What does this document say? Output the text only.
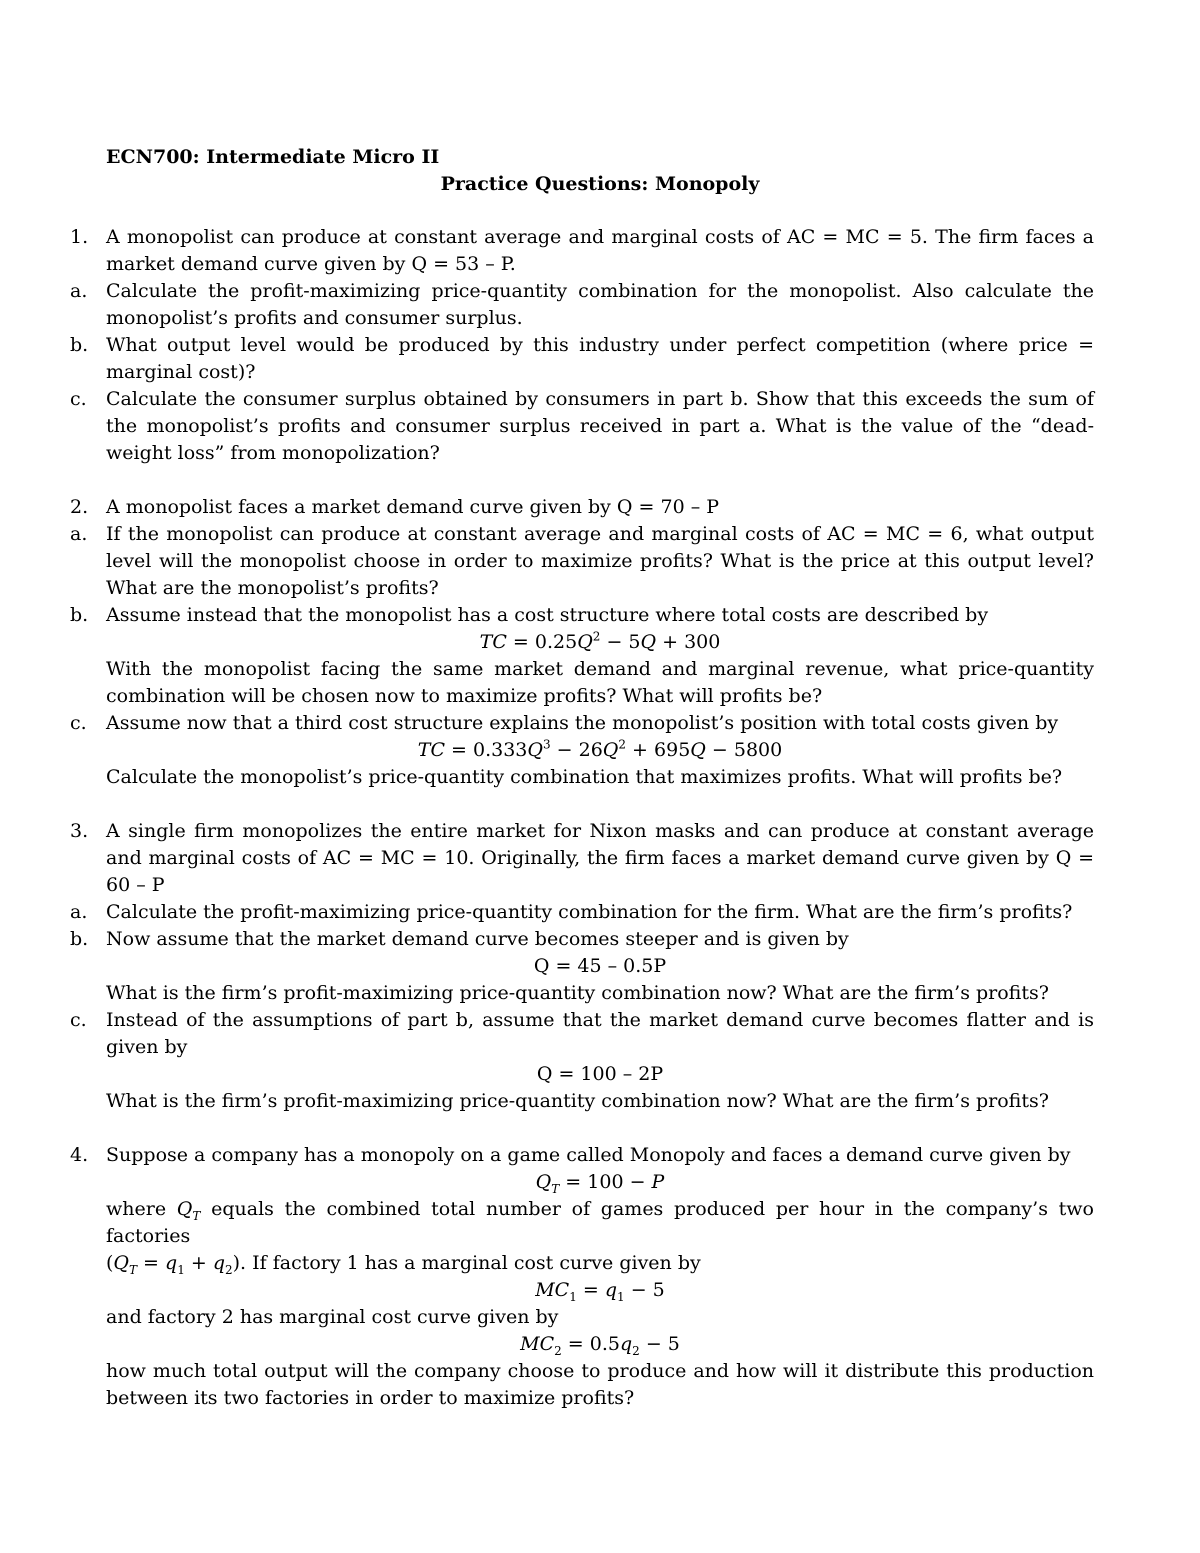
ECN700: Intermediate Micro II

Practice Questions: Monopoly

1. A monopolist can produce at constant average and marginal costs of AC = MC = 5. The firm faces a market demand curve given by Q = 53 – P.
a. Calculate the profit-maximizing price-quantity combination for the monopolist. Also calculate the monopolist’s profits and consumer surplus.
b. What output level would be produced by this industry under perfect competition (where price = marginal cost)?
c.	Calculate the consumer surplus obtained by consumers in part b. Show that this exceeds the sum of the monopolist’s profits and consumer surplus received in part a. What is the value of the “dead-weight loss” from monopolization?
2. A monopolist faces a market demand curve given by Q = 70 – P
a. If the monopolist can produce at constant average and marginal costs of AC = MC = 6, what output level will the monopolist choose in order to maximize profits? What is the price at this output level? What are the monopolist’s profits?
b. Assume instead that the monopolist has a cost structure where total costs are described by
TC = $0.25Q^2 - 5Q + 300$
With the monopolist facing the same market demand and marginal revenue, what price-quantity combination will be chosen now to maximize profits? What will profits be?
c.	Assume now that a third cost structure explains the monopolist’s position with total costs given by
TC = $0.333Q^3 - 26Q^2 + 695Q - 5800$
Calculate the monopolist’s price-quantity combination that maximizes profits. What will profits be?
3. A single firm monopolizes the entire market for Nixon masks and can produce at constant average and marginal costs of AC = MC = 10. Originally, the firm faces a market demand curve given by Q = 60 – P
a. Calculate the profit-maximizing price-quantity combination for the firm. What are the firm’s profits?
b. Now assume that the market demand curve becomes steeper and is given by
Q = 45 – 0.5P
What is the firm’s profit-maximizing price-quantity combination now? What are the firm’s profits?
c.	Instead of the assumptions of part b, assume that the market demand curve becomes flatter and is given by
Q = 100 – 2P
What is the firm’s profit-maximizing price-quantity combination now? What are the firm’s profits?
4. Suppose a company has a monopoly on a game called Monopoly and faces a demand curve given by
$Q_T = 100 - P$
where $Q_T$ equals the combined total number of games produced per hour in the company’s two factories
$(Q_T = q_1 + q_2)$. If factory 1 has a marginal cost curve given by
$MC_1 = q_1 - 5$
and factory 2 has marginal cost curve given by
$MC_2 = 0.5q_2 - 5$
how much total output will the company choose to produce and how will it distribute this production between its two factories in order to maximize profits?
